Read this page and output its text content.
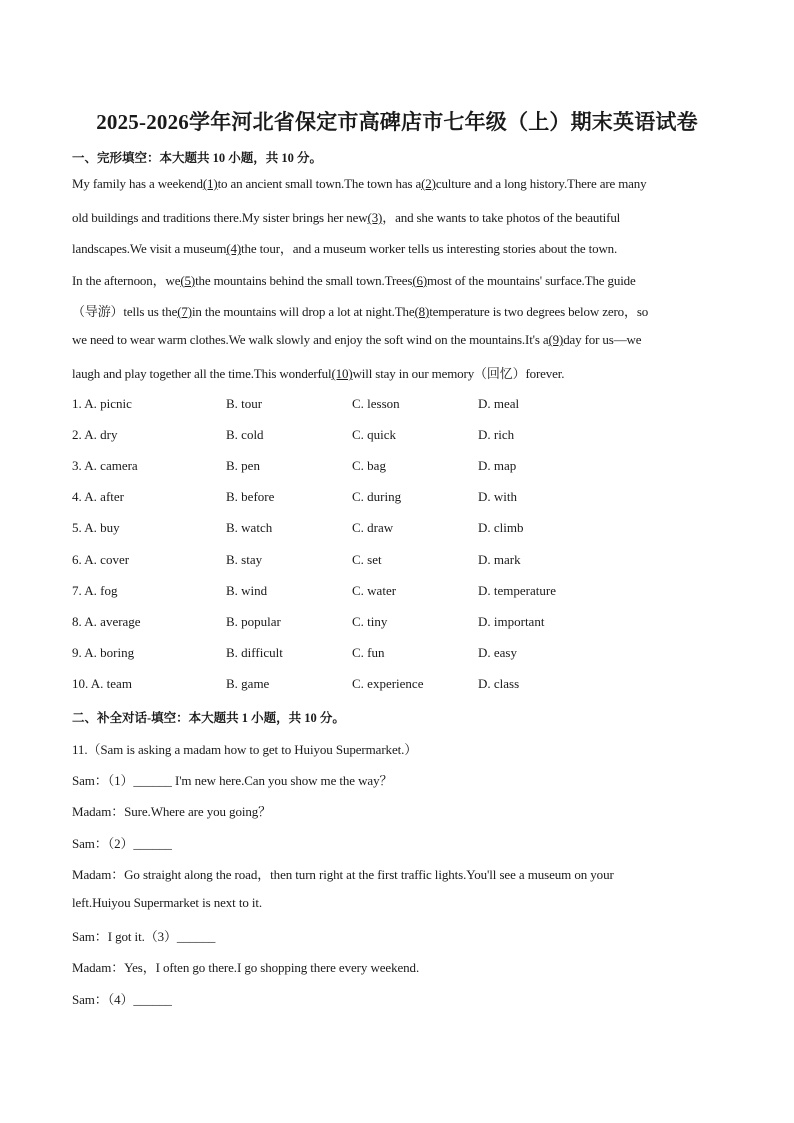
2025-2026学年河北省保定市高碑店市七年级（上）期末英语试卷
一、完形填空：本大题共 10 小题，共 10 分。
My family has a weekend(1)to an ancient small town.The town has a(2)culture and a long history.There are many
old buildings and traditions there.My sister brings her new(3)，and she wants to take photos of the beautiful
landscapes.We visit a museum(4)the tour，and a museum worker tells us interesting stories about the town.
In the afternoon，we(5)the mountains behind the small town.Trees(6)most of the mountains' surface.The guide
（导游）tells us the(7)in the mountains will drop a lot at night.The(8)temperature is two degrees below zero，so
we need to wear warm clothes.We walk slowly and enjoy the soft wind on the mountains.It's a(9)day for us—we
laugh and play together all the time.This wonderful(10)will stay in our memory（回忆）forever.
1. A. picnic	B. tour	C. lesson	D. meal
2. A. dry	B. cold	C. quick	D. rich
3. A. camera	B. pen	C. bag	D. map
4. A. after	B. before	C. during	D. with
5. A. buy	B. watch	C. draw	D. climb
6. A. cover	B. stay	C. set	D. mark
7. A. fog	B. wind	C. water	D. temperature
8. A. average	B. popular	C. tiny	D. important
9. A. boring	B. difficult	C. fun	D. easy
10. A. team	B. game	C. experience	D. class
二、补全对话-填空：本大题共 1 小题，共 10 分。
11.（Sam is asking a madam how to get to Huiyou Supermarket.）
Sam：（1）______ I'm new here.Can you show me the way？
Madam：Sure.Where are you going？
Sam：（2）______
Madam：Go straight along the road，then turn right at the first traffic lights.You'll see a museum on your
left.Huiyou Supermarket is next to it.
Sam：I got it.（3）______
Madam：Yes，I often go there.I go shopping there every weekend.
Sam：（4）______
